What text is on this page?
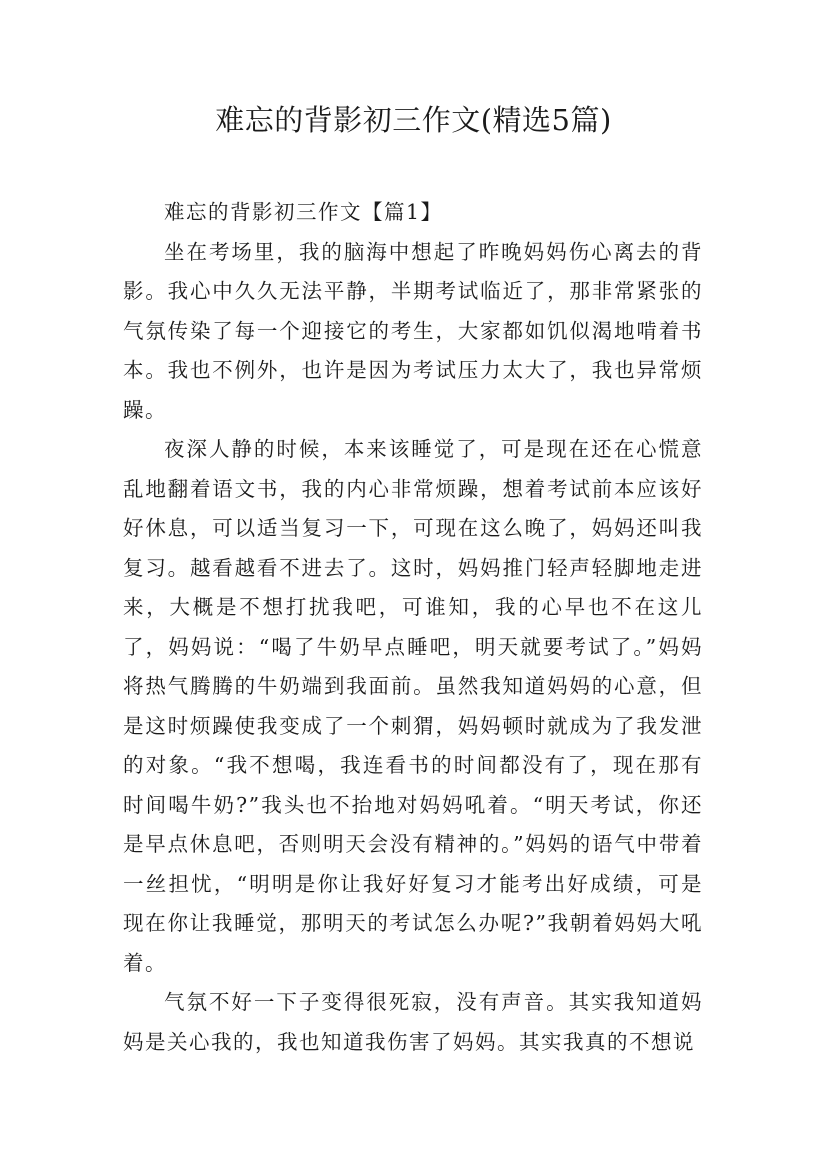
难忘的背影初三作文(精选5篇)

难忘的背影初三作文【篇1】

坐在考场里，我的脑海中想起了昨晚妈妈伤心离去的背影。我心中久久无法平静，半期考试临近了，那非常紧张的气氛传染了每一个迎接它的考生，大家都如饥似渴地啃着书本。我也不例外，也许是因为考试压力太大了，我也异常烦躁。

夜深人静的时候，本来该睡觉了，可是现在还在心慌意乱地翻着语文书，我的内心非常烦躁，想着考试前本应该好好休息，可以适当复习一下，可现在这么晚了，妈妈还叫我复习。越看越看不进去了。这时，妈妈推门轻声轻脚地走进来，大概是不想打扰我吧，可谁知，我的心早也不在这儿了，妈妈说：“喝了牛奶早点睡吧，明天就要考试了。”妈妈将热气腾腾的牛奶端到我面前。虽然我知道妈妈的心意，但是这时烦躁使我变成了一个刺猬，妈妈顿时就成为了我发泄的对象。“我不想喝，我连看书的时间都没有了，现在那有时间喝牛奶?”我头也不抬地对妈妈吼着。“明天考试，你还是早点休息吧，否则明天会没有精神的。”妈妈的语气中带着一丝担忧，“明明是你让我好好复习才能考出好成绩，可是现在你让我睡觉，那明天的考试怎么办呢?”我朝着妈妈大吼着。

气氛不好一下子变得很死寂，没有声音。其实我知道妈妈是关心我的，我也知道我伤害了妈妈。其实我真的不想说
